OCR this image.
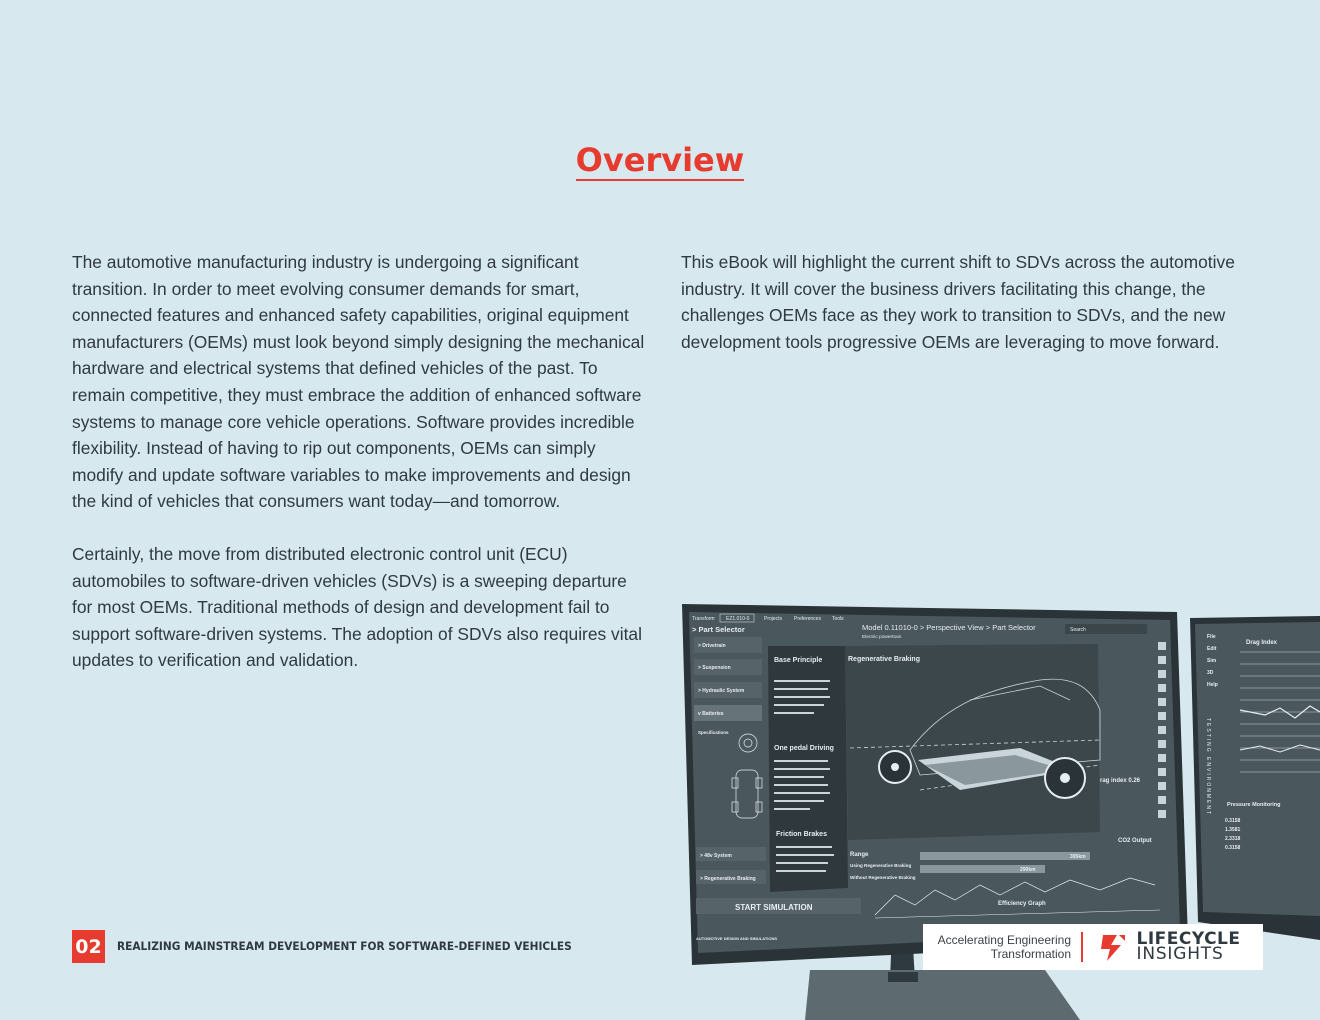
Overview

The automotive manufacturing industry is undergoing a significant transition. In order to meet evolving consumer demands for smart, connected features and enhanced safety capabilities, original equipment manufacturers (OEMs) must look beyond simply designing the mechanical hardware and electrical systems that defined vehicles of the past. To remain competitive, they must embrace the addition of enhanced software systems to manage core vehicle operations. Software provides incredible flexibility. Instead of having to rip out components, OEMs can simply modify and update software variables to make improvements and design the kind of vehicles that consumers want today—and tomorrow.

Certainly, the move from distributed electronic control unit (ECU) automobiles to software-driven vehicles (SDVs) is a sweeping departure for most OEMs. Traditional methods of design and development fail to support software-driven systems. The adoption of SDVs also requires vital updates to verification and validation.

This eBook will highlight the current shift to SDVs across the automotive industry. It will cover the business drivers facilitating this change, the challenges OEMs face as they work to transition to SDVs, and the new development tools progressive OEMs are leveraging to move forward.

Transform EZ1.010-0	Projects Preferences Tools
> Part Selector	Model 0.11010-0 > Perspective View > Part Selector
Electric powertrain
Search
> Drivetrain
> Suspension
> Hydraulic System
v Batteries
Specifications
> 48v System
> Regenerative Braking
Base Principle
One pedal Driving
Friction Brakes
Regenerative Braking
rag index 0.26
CO2 Output
Range
Using Regenerative Braking
Without Regenerative Braking
395km
290km
START SIMULATION	Efficiency Graph
AUTOMOTIVE DESIGN AND SIMULATIONS
File
Edit
Sim
3D
Help
Drag Index
Pressure Monitoring
TESTING ENVIRONMENT
0.3158
1.3581
2.3318
0.3158
Accelerating Engineering
Transformation
LIFECYCLE
INSIGHTS
02 REALIZING MAINSTREAM DEVELOPMENT FOR SOFTWARE-DEFINED VEHICLES
